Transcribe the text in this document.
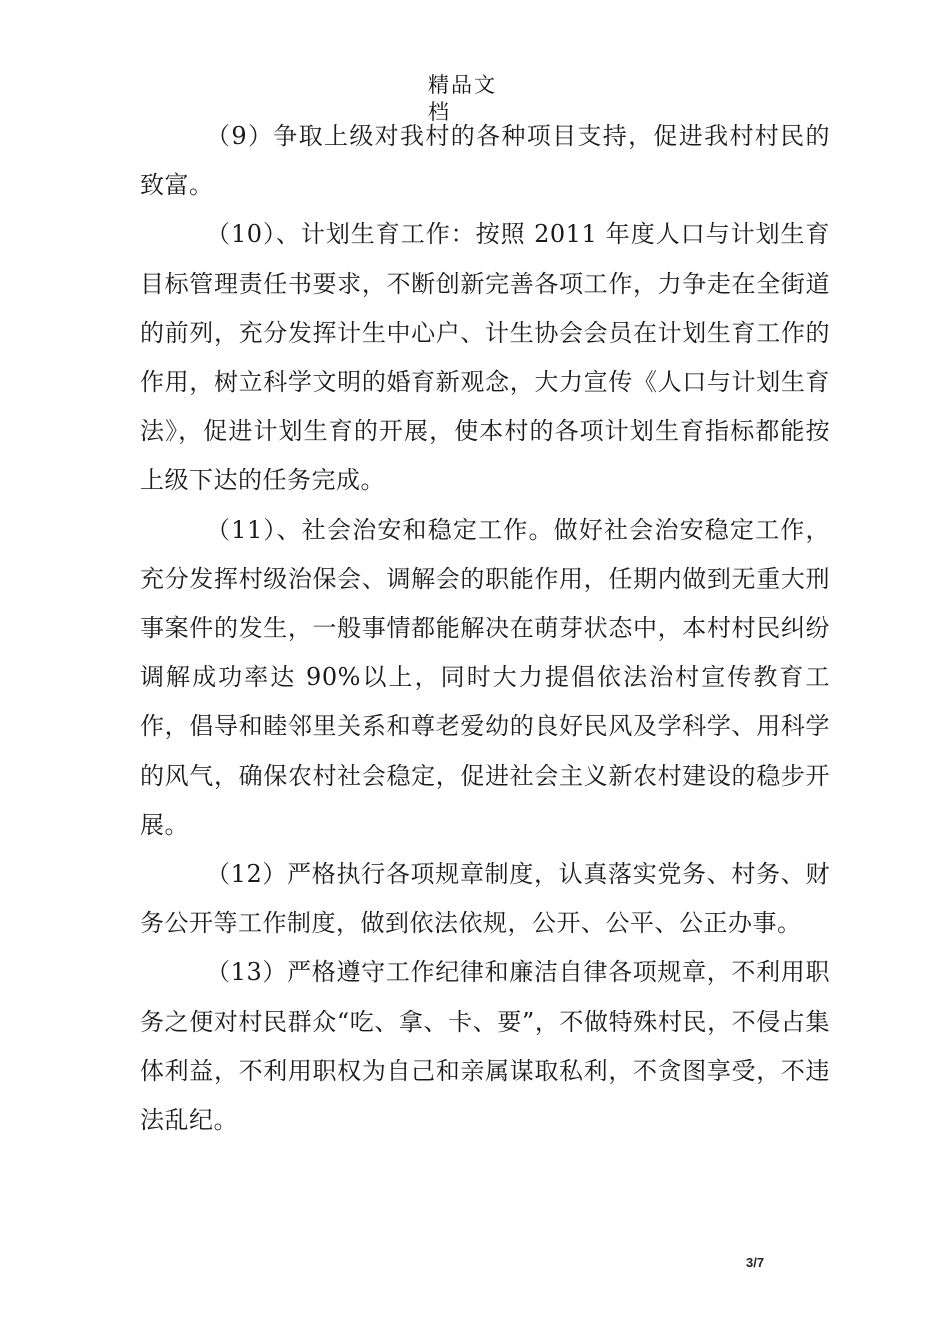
精品文档

（9）争取上级对我村的各种项目支持，促进我村村民的致富。

（10）、计划生育工作：按照 2011 年度人口与计划生育目标管理责任书要求，不断创新完善各项工作，力争走在全街道的前列，充分发挥计生中心户、计生协会会员在计划生育工作的作用，树立科学文明的婚育新观念，大力宣传《人口与计划生育法》，促进计划生育的开展，使本村的各项计划生育指标都能按上级下达的任务完成。

（11）、社会治安和稳定工作。做好社会治安稳定工作，充分发挥村级治保会、调解会的职能作用，任期内做到无重大刑事案件的发生，一般事情都能解决在萌芽状态中，本村村民纠纷调解成功率达 90%以上，同时大力提倡依法治村宣传教育工作，倡导和睦邻里关系和尊老爱幼的良好民风及学科学、用科学的风气，确保农村社会稳定，促进社会主义新农村建设的稳步开展。

（12）严格执行各项规章制度，认真落实党务、村务、财务公开等工作制度，做到依法依规，公开、公平、公正办事。

（13）严格遵守工作纪律和廉洁自律各项规章，不利用职务之便对村民群众“吃、拿、卡、要”，不做特殊村民，不侵占集体利益，不利用职权为自己和亲属谋取私利，不贪图享受，不违法乱纪。

3/7
